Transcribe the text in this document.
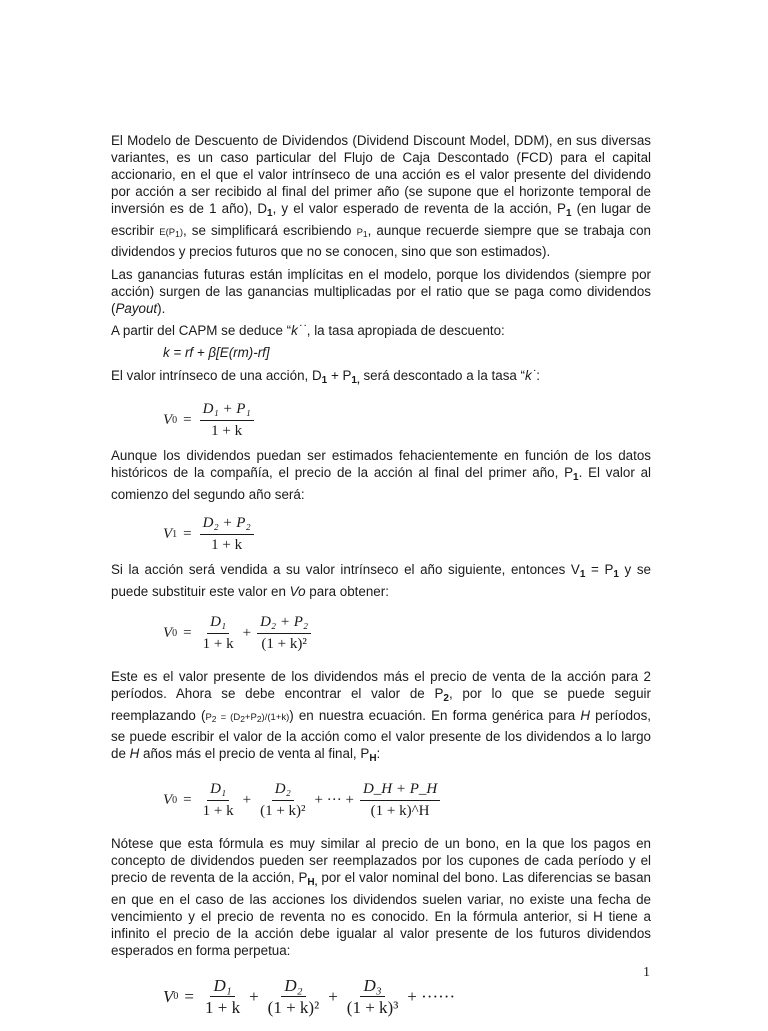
El Modelo de Descuento de Dividendos (Dividend Discount Model, DDM), en sus diversas variantes, es un caso particular del Flujo de Caja Descontado (FCD) para el capital accionario, en el que el valor intrínseco de una acción es el valor presente del dividendo por acción a ser recibido al final del primer año (se supone que el horizonte temporal de inversión es de 1 año), $D_1$, y el valor esperado de reventa de la acción, $P_1$ (en lugar de escribir $E(P_1)$, se simplificará escribiendo $P_1$, aunque recuerde siempre que se trabaja con dividendos y precios futuros que no se conocen, sino que son estimados).

Las ganancias futuras están implícitas en el modelo, porque los dividendos (siempre por acción) surgen de las ganancias multiplicadas por el ratio que se paga como dividendos (Payout).

A partir del CAPM se deduce “k˙˙, la tasa apropiada de descuento:

k = rf + β[E(rm)-rf]

El valor intrínseco de una acción, $D_1 + P_{1,}$ será descontado a la tasa “k˙:

V $0 = \frac{\text{D₁ + P₁}}{1 + k}$

Aunque los dividendos puedan ser estimados fehacientemente en función de los datos históricos de la compañía, el precio de la acción al final del primer año, $P_1$. El valor al comienzo del segundo año será:

V $1 = \frac{\text{D₂ + P₂}}{1 + k}$

Si la acción será vendida a su valor intrínseco el año siguiente, entonces $V_1 = P_1$ y se puede substituir este valor en Vo para obtener:

V $0 = \frac{\text{D₁}}{1 + k} + \frac{\text{D₂ + P₂}}{\text{(1 + k)²}}$

Este es el valor presente de los dividendos más el precio de venta de la acción para 2 períodos. Ahora se debe encontrar el valor de $P_2$, por lo que se puede seguir reemplazando $(P_2 = (D_2+P_2)/(1+k))$ en nuestra ecuación. En forma genérica para H períodos, se puede escribir el valor de la acción como el valor presente de los dividendos a lo largo de H años más el precio de venta al final, $P_H$:

V $0 = \frac{\text{D₁}}{1 + k} + \frac{\text{D₂}}{\text{(1 + k)²}}$ + ··· + $\frac{D\_H + P\_H}{(1 + k)\^{}H}$

Nótese que esta fórmula es muy similar al precio de un bono, en la que los pagos en concepto de dividendos pueden ser reemplazados por los cupones de cada período y el precio de reventa de la acción, $P_{H,}$ por el valor nominal del bono. Las diferencias se basan en que en el caso de las acciones los dividendos suelen variar, no existe una fecha de vencimiento y el precio de reventa no es conocido. En la fórmula anterior, si H tiene a infinito el precio de la acción debe igualar al valor presente de los futuros dividendos esperados en forma perpetua:

V $0 = \frac{\text{D₁}}{1 + k} + \frac{\text{D₂}}{\text{(1 + k)²}} + \frac{\text{D₃}}{\text{(1 + k)³}}$ + ······
1
